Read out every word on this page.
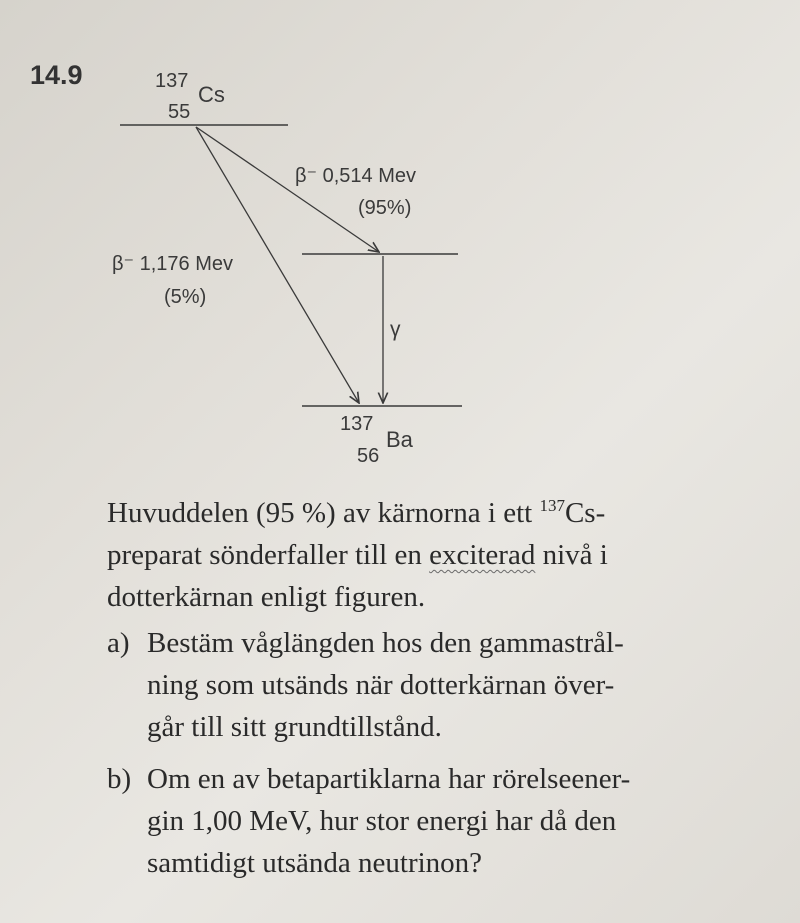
14.9	137
Cs
55
β⁻ 0,514 Mev
(95%)
β⁻ 1,176 Mev
(5%)
γ
137
Ba
56

Huvuddelen (95 %) av kärnorna i ett $^{137}$Cs-

preparat sönderfaller till en exciterad nivå i

dotterkärnan enligt figuren.

a) Bestäm våglängden hos den gammastrål-

ning som utsänds när dotterkärnan över-

går till sitt grundtillstånd.

b) Om en av betapartiklarna har rörelseener-

gin 1,00 MeV, hur stor energi har då den

samtidigt utsända neutrinon?
